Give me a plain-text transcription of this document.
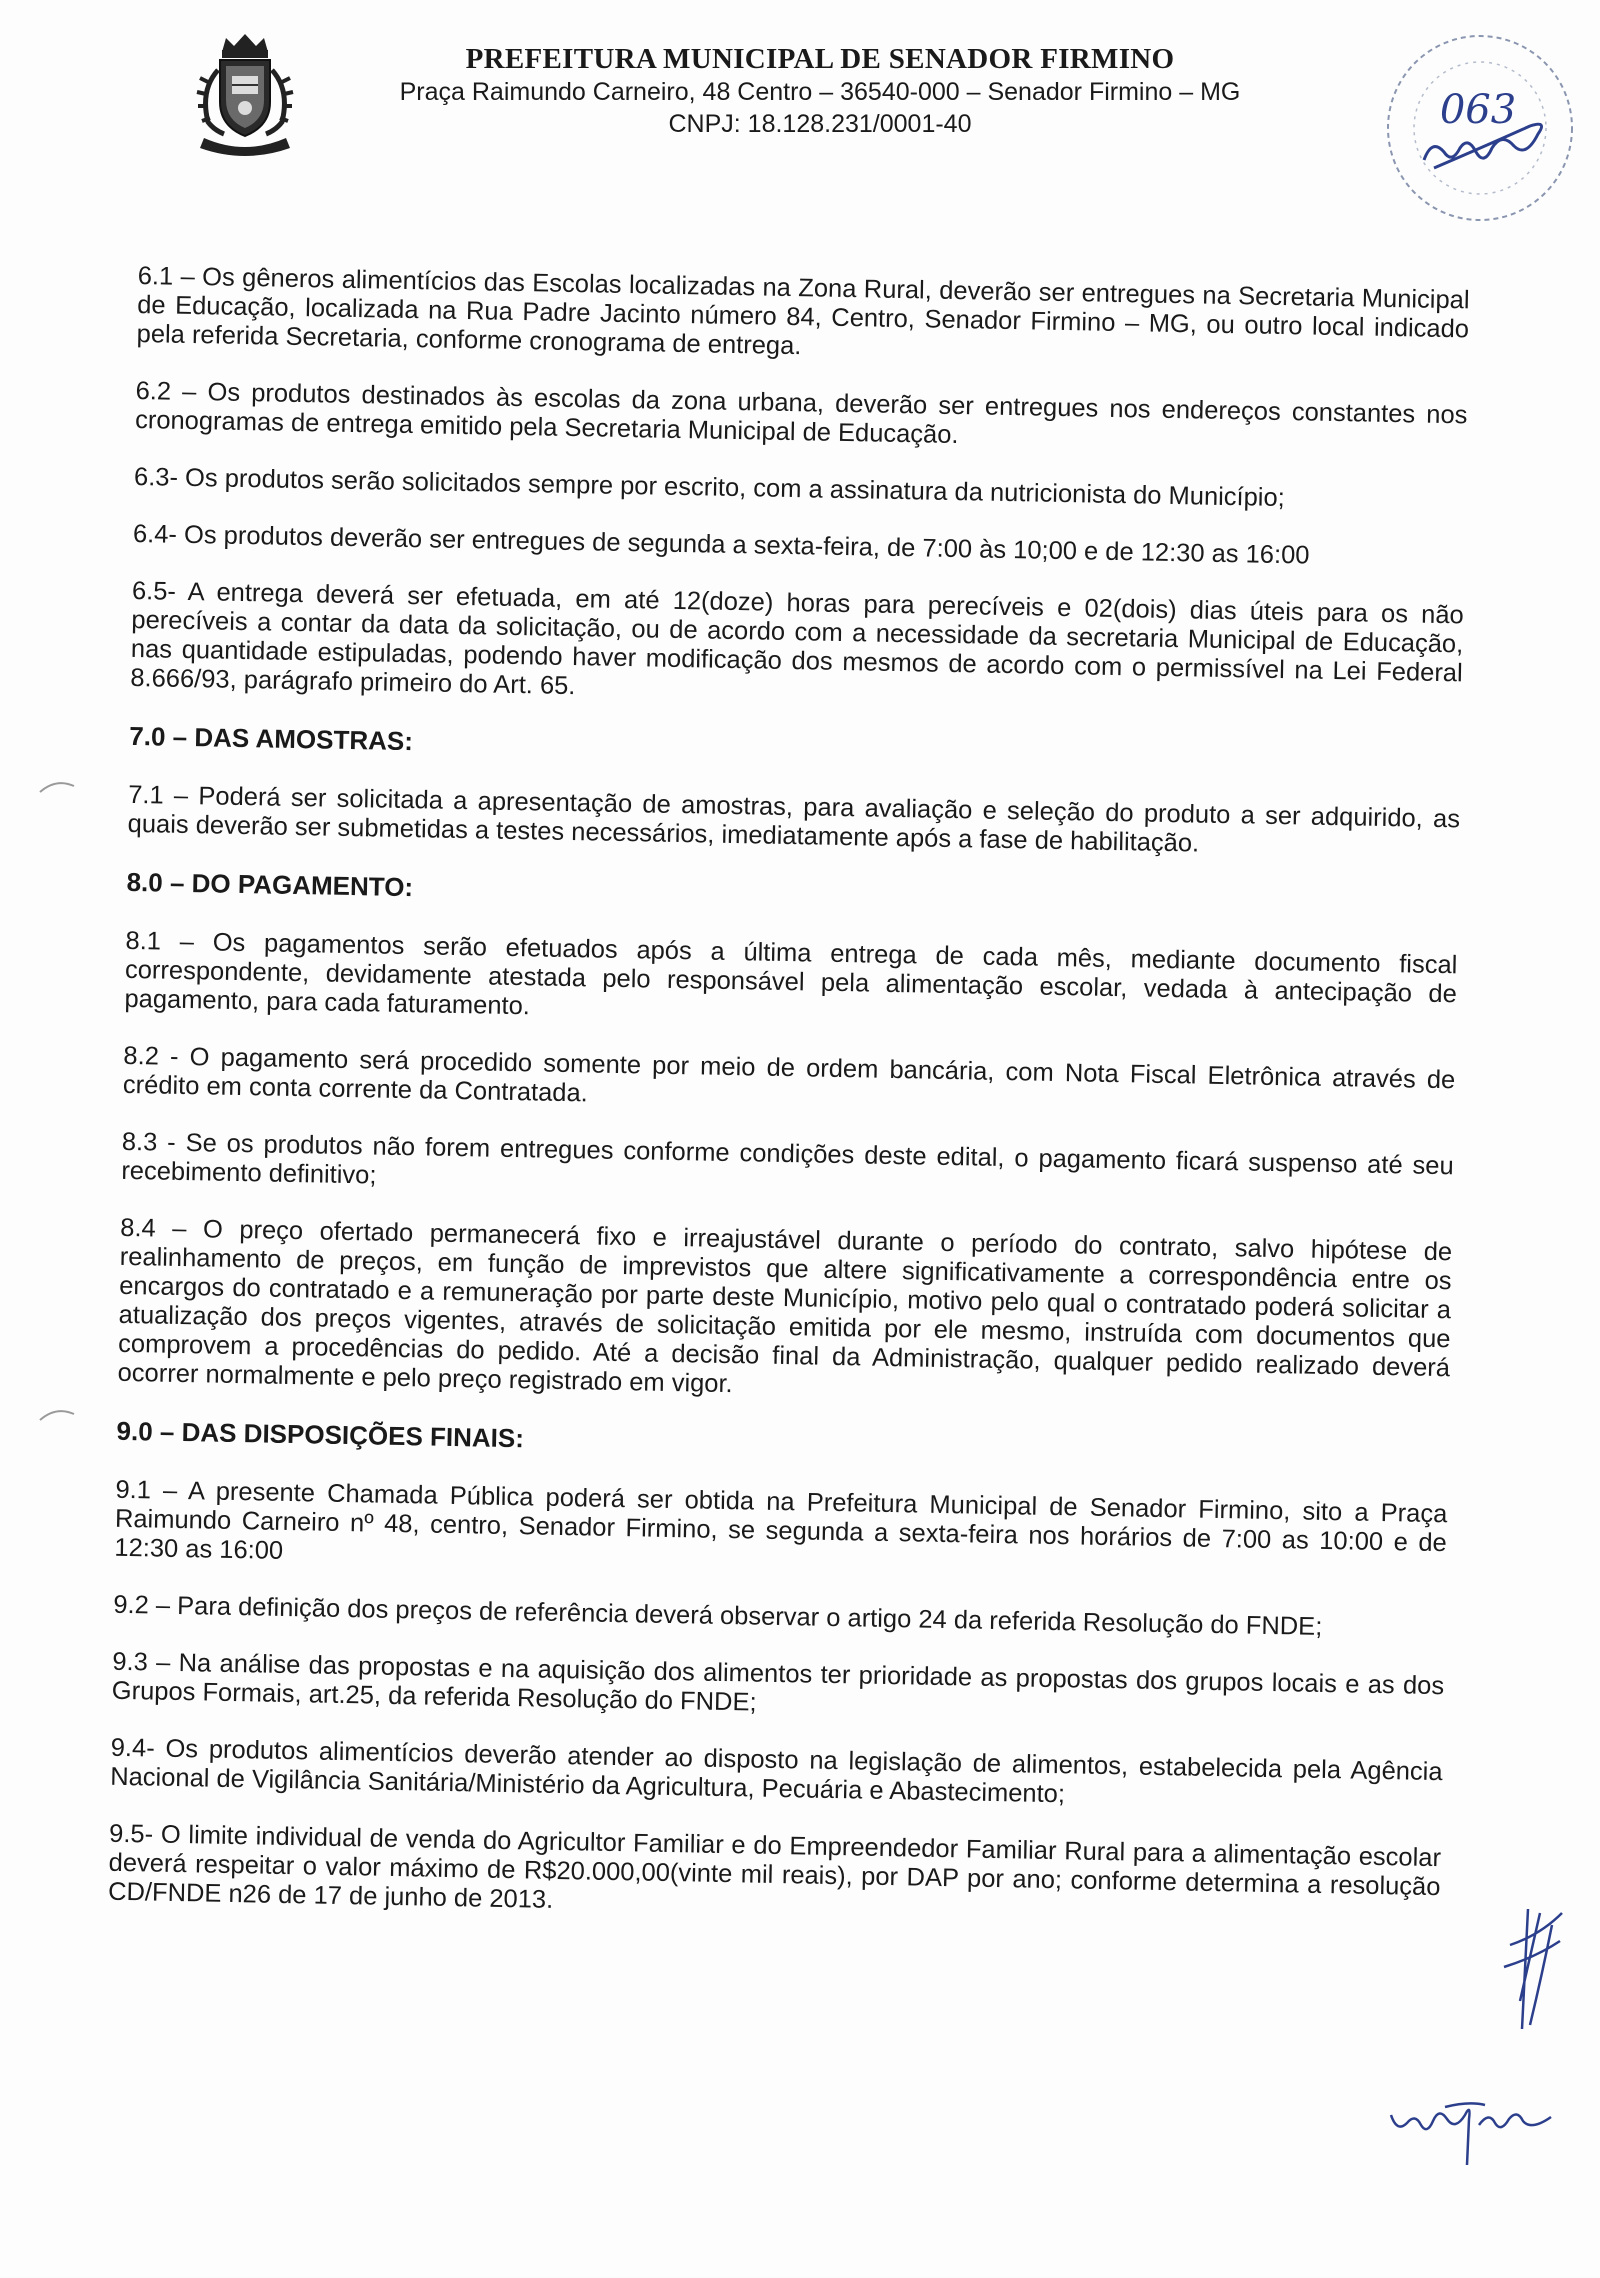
PREFEITURA MUNICIPAL DE SENADOR FIRMINO
Praça Raimundo Carneiro, 48 Centro – 36540-000 – Senador Firmino – MG
CNPJ: 18.128.231/0001-40	063

6.1 – Os gêneros alimentícios das Escolas localizadas na Zona Rural, deverão ser entregues na Secretaria Municipal de Educação, localizada na Rua Padre Jacinto número 84, Centro, Senador Firmino – MG, ou outro local indicado pela referida Secretaria, conforme cronograma de entrega.

6.2 – Os produtos destinados às escolas da zona urbana, deverão ser entregues nos endereços constantes nos cronogramas de entrega emitido pela Secretaria Municipal de Educação.

6.3- Os produtos serão solicitados sempre por escrito, com a assinatura da nutricionista do Município;

6.4- Os produtos deverão ser entregues de segunda a sexta-feira, de 7:00 às 10;00 e de 12:30 as 16:00

6.5- A entrega deverá ser efetuada, em até 12(doze) horas para perecíveis e 02(dois) dias úteis para os não perecíveis a contar da data da solicitação, ou de acordo com a necessidade da secretaria Municipal de Educação, nas quantidade estipuladas, podendo haver modificação dos mesmos de acordo com o permissível na Lei Federal 8.666/93, parágrafo primeiro do Art. 65.

7.0 – DAS AMOSTRAS:

7.1 – Poderá ser solicitada a apresentação de amostras, para avaliação e seleção do produto a ser adquirido, as quais deverão ser submetidas a testes necessários, imediatamente após a fase de habilitação.

8.0 – DO PAGAMENTO:

8.1 – Os pagamentos serão efetuados após a última entrega de cada mês, mediante documento fiscal correspondente, devidamente atestada pelo responsável pela alimentação escolar, vedada à antecipação de pagamento, para cada faturamento.

8.2 - O pagamento será procedido somente por meio de ordem bancária, com Nota Fiscal Eletrônica através de crédito em conta corrente da Contratada.

8.3 - Se os produtos não forem entregues conforme condições deste edital, o pagamento ficará suspenso até seu recebimento definitivo;

8.4 – O preço ofertado permanecerá fixo e irreajustável durante o período do contrato, salvo hipótese de realinhamento de preços, em função de imprevistos que altere significativamente a correspondência entre os encargos do contratado e a remuneração por parte deste Município, motivo pelo qual o contratado poderá solicitar a atualização dos preços vigentes, através de solicitação emitida por ele mesmo, instruída com documentos que comprovem a procedências do pedido. Até a decisão final da Administração, qualquer pedido realizado deverá ocorrer normalmente e pelo preço registrado em vigor.

9.0 – DAS DISPOSIÇÕES FINAIS:

9.1 – A presente Chamada Pública poderá ser obtida na Prefeitura Municipal de Senador Firmino, sito a Praça Raimundo Carneiro nº 48, centro, Senador Firmino, se segunda a sexta-feira nos horários de 7:00 as 10:00 e de 12:30 as 16:00

9.2 – Para definição dos preços de referência deverá observar o artigo 24 da referida Resolução do FNDE;

9.3 – Na análise das propostas e na aquisição dos alimentos ter prioridade as propostas dos grupos locais e as dos Grupos Formais, art.25, da referida Resolução do FNDE;

9.4- Os produtos alimentícios deverão atender ao disposto na legislação de alimentos, estabelecida pela Agência Nacional de Vigilância Sanitária/Ministério da Agricultura, Pecuária e Abastecimento;

9.5- O limite individual de venda do Agricultor Familiar e do Empreendedor Familiar Rural para a alimentação escolar deverá respeitar o valor máximo de R$20.000,00(vinte mil reais), por DAP por ano; conforme determina a resolução CD/FNDE n26 de 17 de junho de 2013.
